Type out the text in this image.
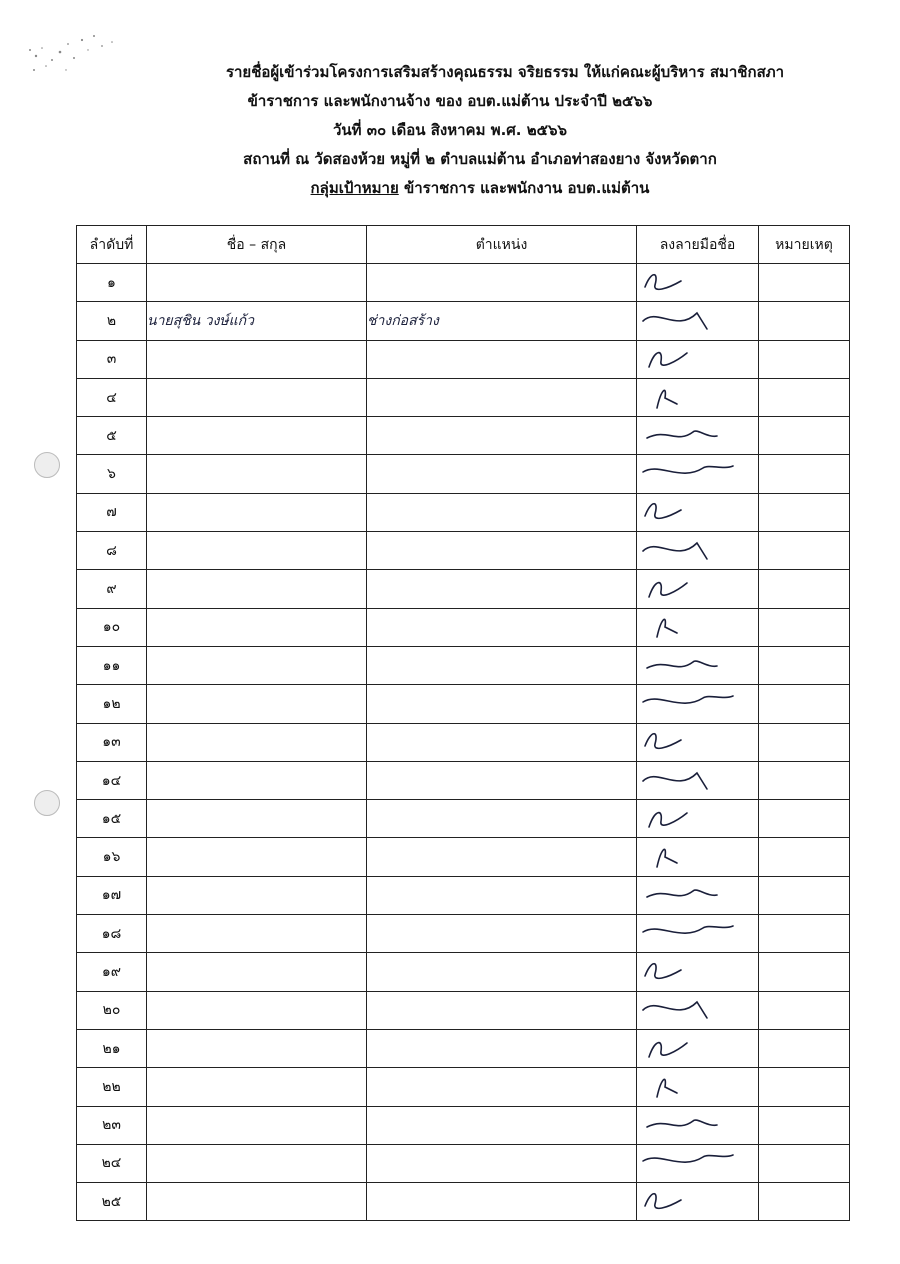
รายชื่อผู้เข้าร่วมโครงการเสริมสร้างคุณธรรม จริยธรรม ให้แก่คณะผู้บริหาร สมาชิกสภา
ข้าราชการ และพนักงานจ้าง ของ อบต.แม่ต้าน ประจำปี ๒๕๖๖
วันที่ ๓๐ เดือน สิงหาคม พ.ศ. ๒๕๖๖
สถานที่ ณ วัดสองห้วย หมู่ที่ ๒ ตำบลแม่ต้าน อำเภอท่าสองยาง จังหวัดตาก
กลุ่มเป้าหมาย ข้าราชการ และพนักงาน อบต.แม่ต้าน
ลำดับที่	ชื่อ – สกุล	ตำแหน่ง	ลงลายมือชื่อ	หมายเหตุ
๑			

๒	นายสุชิน วงษ์แก้ว	ช่างก่อสร้าง	

๓			

๔			

๕			

๖			

๗			

๘			

๙			

๑๐			

๑๑			

๑๒			

๑๓			

๑๔			

๑๕			

๑๖			

๑๗			

๑๘			

๑๙			

๒๐			

๒๑			

๒๒			

๒๓			

๒๔			

๒๕			
